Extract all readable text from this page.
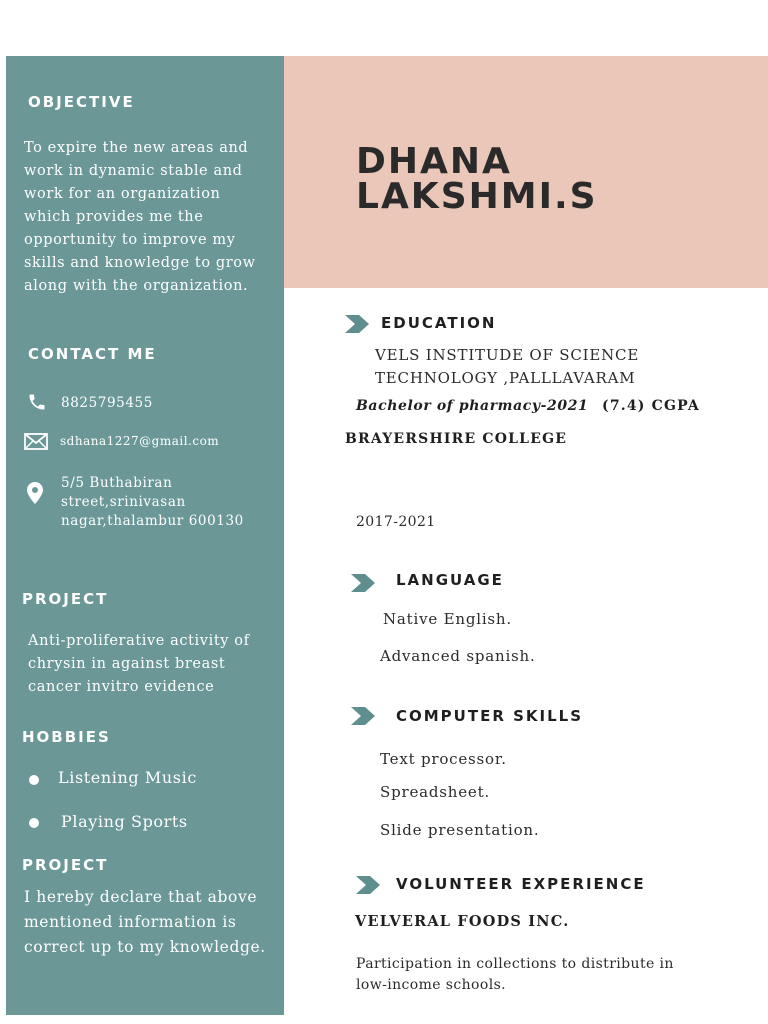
DHANA
LAKSHMI.S
OBJECTIVE
To expire the new areas and
work in dynamic stable and
work for an organization
which provides me the
opportunity to improve my
skills and knowledge to grow
along with the organization.
CONTACT ME
8825795455
sdhana1227@gmail.com
5/5 Buthabiran
street,srinivasan
nagar,thalambur 600130
PROJECT
Anti-proliferative activity of
chrysin in against breast
cancer invitro evidence
HOBBIES
Listening Music
Playing Sports
PROJECT
I hereby declare that above
mentioned information is
correct up to my knowledge.
EDUCATION
VELS INSTITUDE OF SCIENCE
TECHNOLOGY ,PALLLAVARAM
Bachelor of pharmacy-2021 (7.4) CGPA
BRAYERSHIRE COLLEGE
2017-2021
LANGUAGE
Native English.
Advanced spanish.
COMPUTER SKILLS
Text processor.
Spreadsheet.
Slide presentation.
VOLUNTEER EXPERIENCE
VELVERAL FOODS INC.
Participation in collections to distribute in
low-income schools.
